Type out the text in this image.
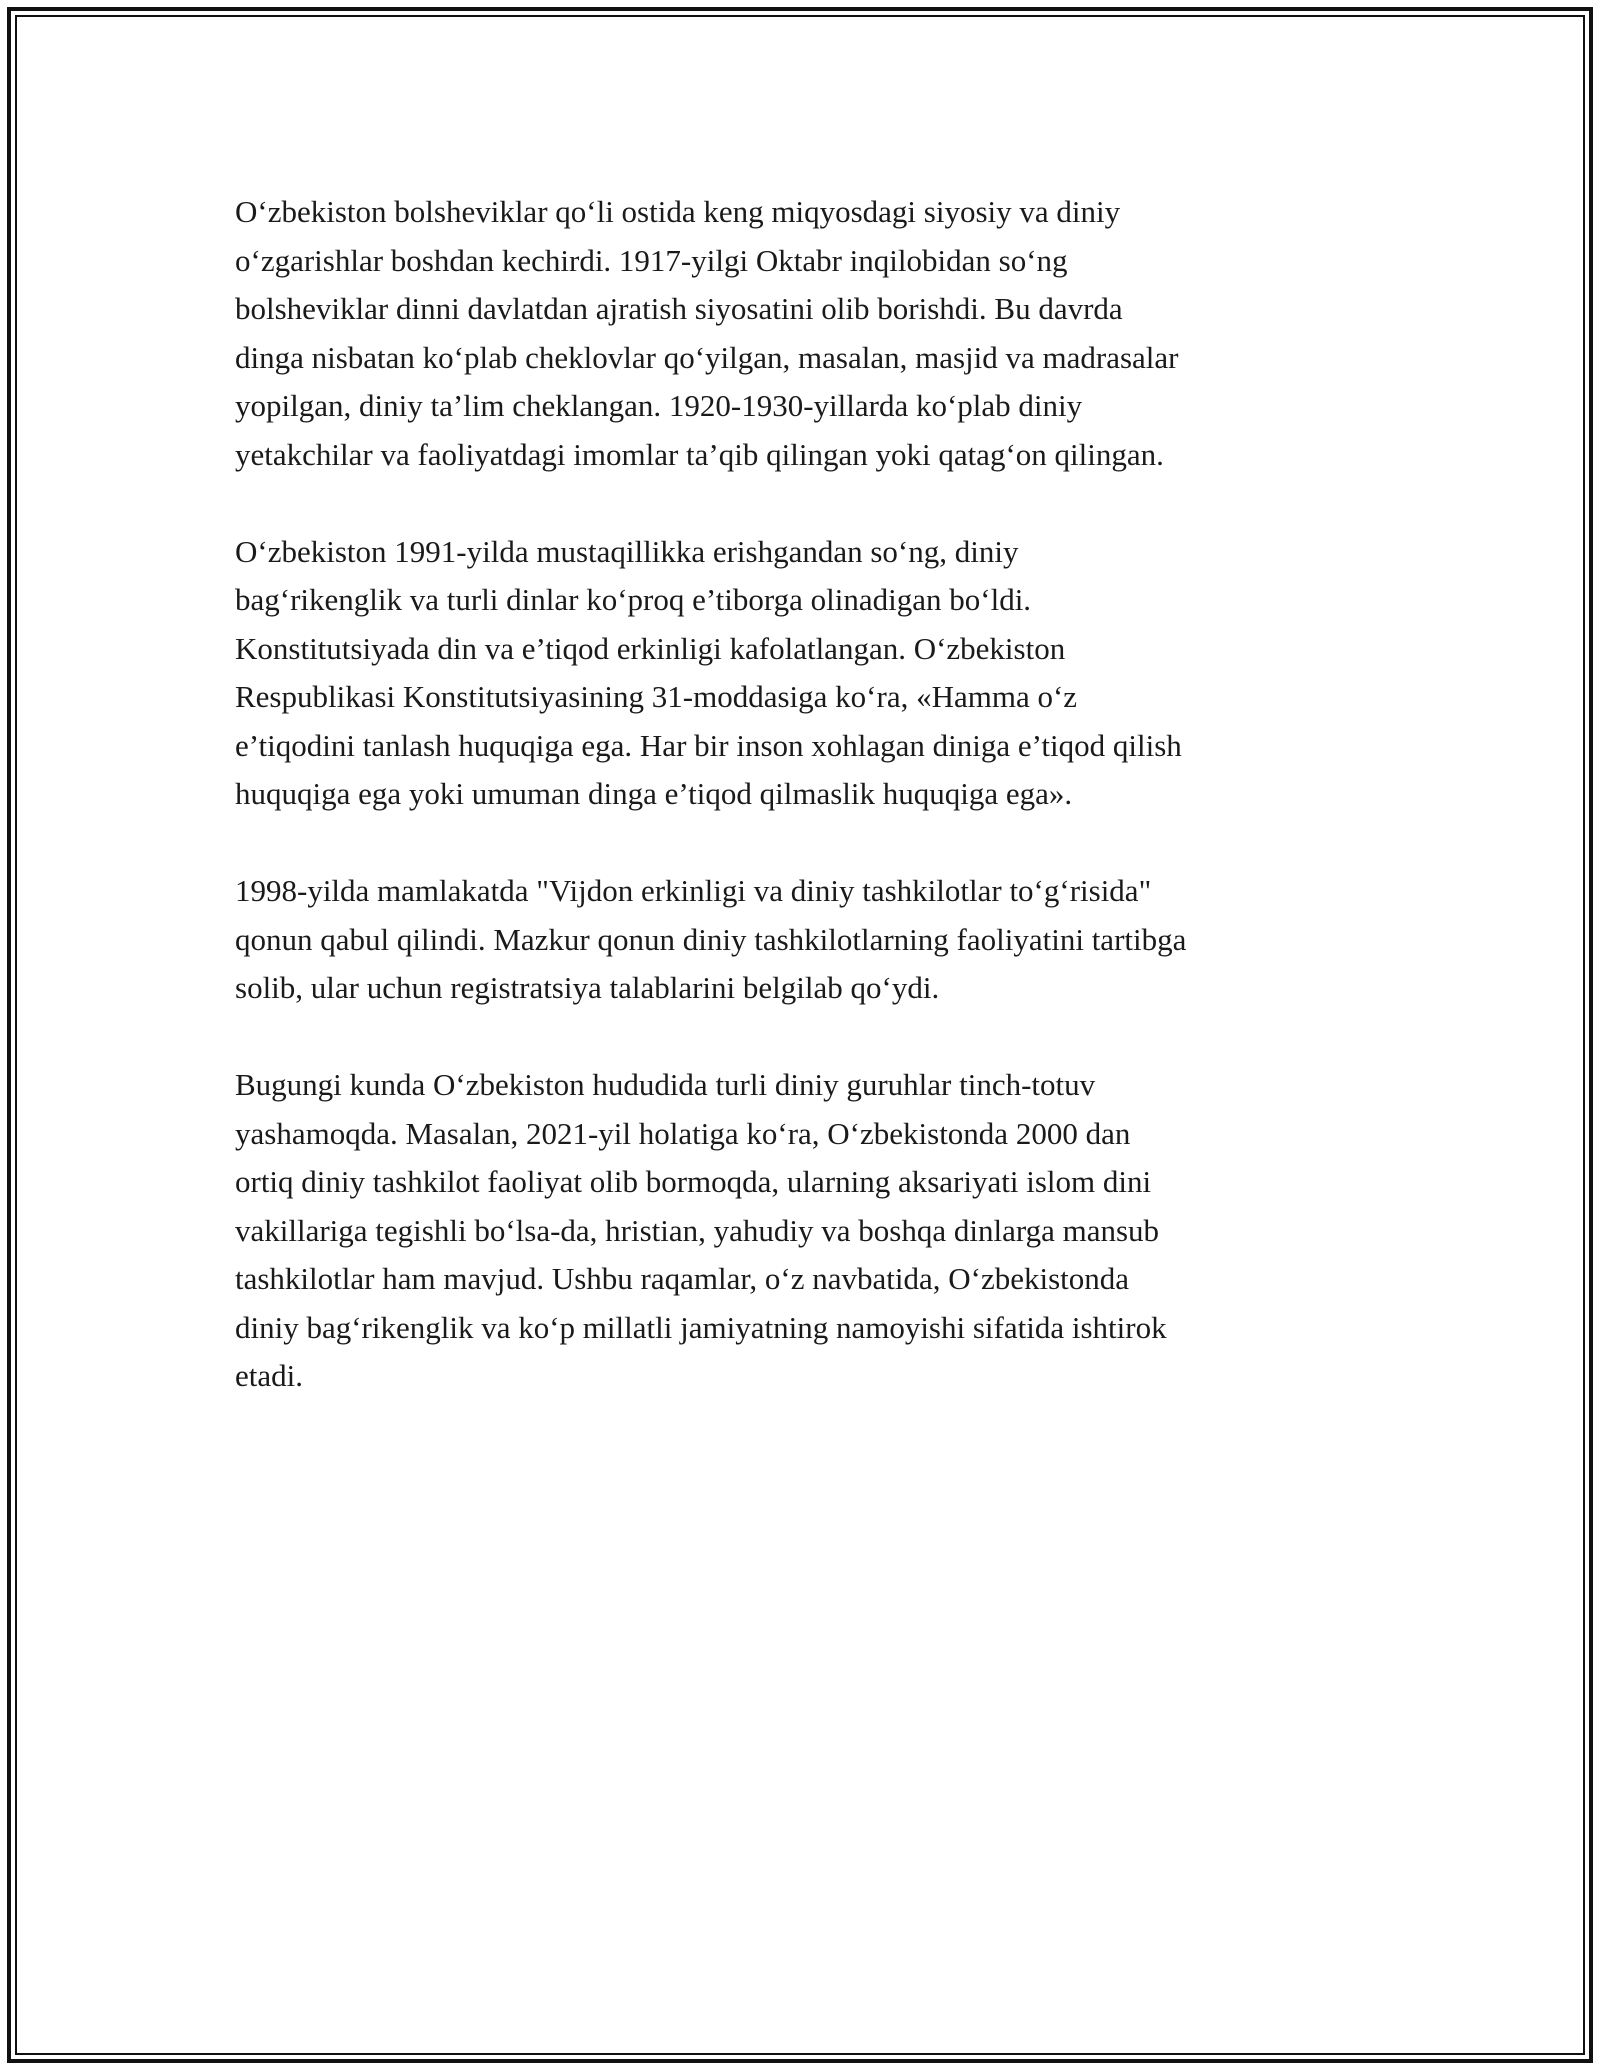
O‘zbekiston bolsheviklar qo‘li ostida keng miqyosdagi siyosiy va diniy
o‘zgarishlar boshdan kechirdi. 1917-yilgi Oktabr inqilobidan so‘ng
bolsheviklar dinni davlatdan ajratish siyosatini olib borishdi. Bu davrda
dinga nisbatan ko‘plab cheklovlar qo‘yilgan, masalan, masjid va madrasalar
yopilgan, diniy ta’lim cheklangan. 1920-1930-yillarda ko‘plab diniy
yetakchilar va faoliyatdagi imomlar ta’qib qilingan yoki qatag‘on qilingan.

O‘zbekiston 1991-yilda mustaqillikka erishgandan so‘ng, diniy
bag‘rikenglik va turli dinlar ko‘proq e’tiborga olinadigan bo‘ldi.
Konstitutsiyada din va e’tiqod erkinligi kafolatlangan. O‘zbekiston
Respublikasi Konstitutsiyasining 31-moddasiga ko‘ra, «Hamma o‘z
e’tiqodini tanlash huquqiga ega. Har bir inson xohlagan diniga e’tiqod qilish
huquqiga ega yoki umuman dinga e’tiqod qilmaslik huquqiga ega».

1998-yilda mamlakatda "Vijdon erkinligi va diniy tashkilotlar to‘g‘risida"
qonun qabul qilindi. Mazkur qonun diniy tashkilotlarning faoliyatini tartibga
solib, ular uchun registratsiya talablarini belgilab qo‘ydi.

Bugungi kunda O‘zbekiston hududida turli diniy guruhlar tinch-totuv
yashamoqda. Masalan, 2021-yil holatiga ko‘ra, O‘zbekistonda 2000 dan
ortiq diniy tashkilot faoliyat olib bormoqda, ularning aksariyati islom dini
vakillariga tegishli bo‘lsa-da, hristian, yahudiy va boshqa dinlarga mansub
tashkilotlar ham mavjud. Ushbu raqamlar, o‘z navbatida, O‘zbekistonda
diniy bag‘rikenglik va ko‘p millatli jamiyatning namoyishi sifatida ishtirok
etadi.
